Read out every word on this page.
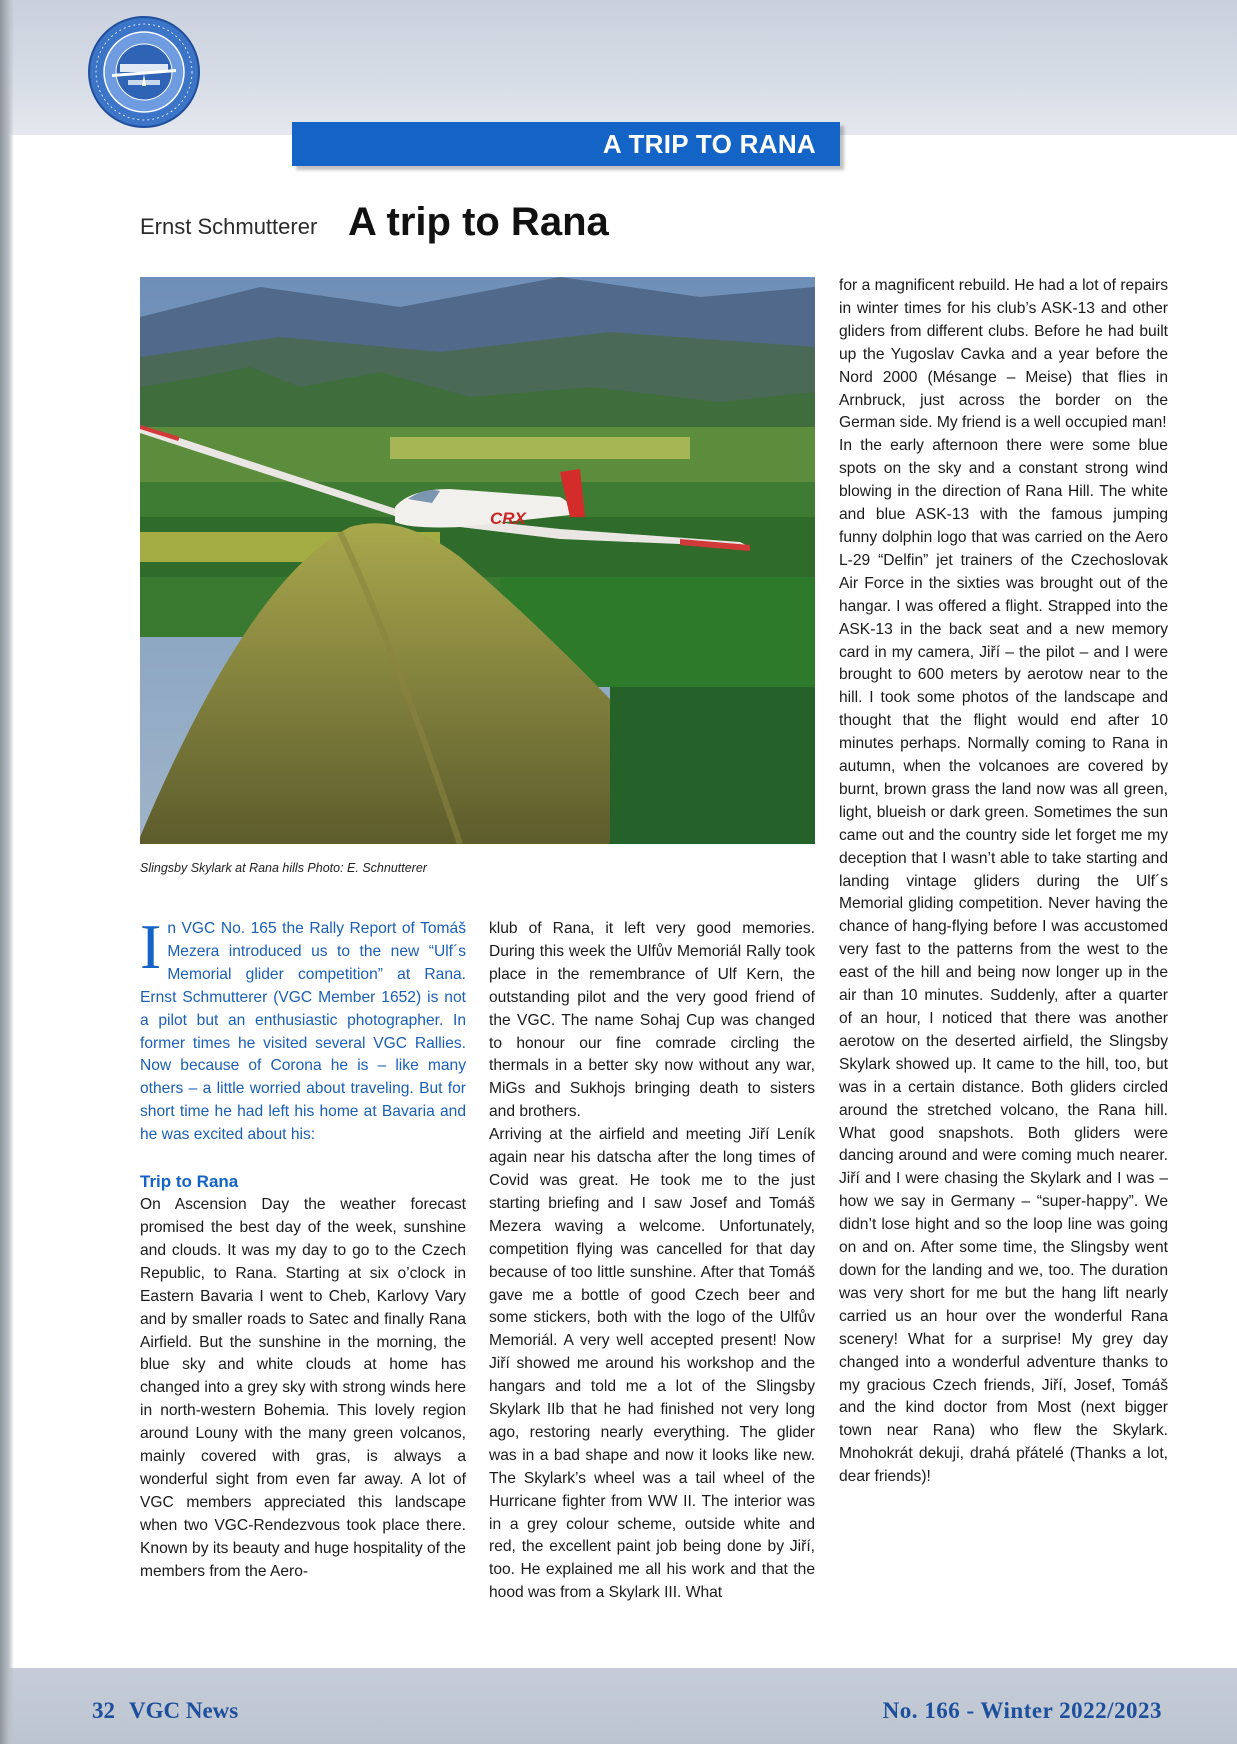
A TRIP TO RANA
Ernst Schmutterer A trip to Rana
CRX
Slingsby Skylark at Rana hills Photo: E. Schnutterer

In VGC No. 165 the Rally Report of Tomáš Mezera introduced us to the new “Ulf´s Memorial glider competition” at Rana. Ernst Schmutterer (VGC Member 1652) is not a pilot but an enthusiastic photographer. In former times he visited several VGC Rallies. Now because of Corona he is – like many others – a little worried about traveling. But for short time he had left his home at Bavaria and he was excited about his:

Trip to Rana

On Ascension Day the weather forecast promised the best day of the week, sunshine and clouds. It was my day to go to the Czech Republic, to Rana. Starting at six o’clock in Eastern Bavaria I went to Cheb, Karlovy Vary and by smaller roads to Satec and finally Rana Airfield. But the sunshine in the morning, the blue sky and white clouds at home has changed into a grey sky with strong winds here in north-western Bohemia. This lovely region around Louny with the many green volcanos, mainly covered with gras, is always a wonderful sight from even far away. A lot of VGC members appreciated this landscape when two VGC-Rendezvous took place there. Known by its beauty and huge hospitality of the members from the Aero-

klub of Rana, it left very good memories. During this week the Ulfův Memoriál Rally took place in the remembrance of Ulf Kern, the outstanding pilot and the very good friend of the VGC. The name Sohaj Cup was changed to honour our fine comrade circling the thermals in a better sky now without any war, MiGs and Sukhojs bringing death to sisters and brothers.

Arriving at the airfield and meeting Jiří Leník again near his datscha after the long times of Covid was great. He took me to the just starting briefing and I saw Josef and Tomáš Mezera waving a welcome. Unfortunately, competition flying was cancelled for that day because of too little sunshine. After that Tomáš gave me a bottle of good Czech beer and some stickers, both with the logo of the Ulfův Memoriál. A very well accepted present! Now Jiří showed me around his workshop and the hangars and told me a lot of the Slingsby Skylark IIb that he had finished not very long ago, restoring nearly everything. The glider was in a bad shape and now it looks like new. The Skylark’s wheel was a tail wheel of the Hurricane fighter from WW II. The interior was in a grey colour scheme, outside white and red, the excellent paint job being done by Jiří, too. He explained me all his work and that the hood was from a Skylark III. What

for a magnificent rebuild. He had a lot of repairs in winter times for his club’s ASK-13 and other gliders from different clubs. Before he had built up the Yugoslav Cavka and a year before the Nord 2000 (Mésange – Meise) that flies in Arnbruck, just across the border on the German side. My friend is a well occupied man!

In the early afternoon there were some blue spots on the sky and a constant strong wind blowing in the direction of Rana Hill. The white and blue ASK-13 with the famous jumping funny dolphin logo that was carried on the Aero L-29 “Delfin” jet trainers of the Czechoslovak Air Force in the sixties was brought out of the hangar. I was offered a flight. Strapped into the ASK-13 in the back seat and a new memory card in my camera, Jiří – the pilot – and I were brought to 600 meters by aerotow near to the hill. I took some photos of the landscape and thought that the flight would end after 10 minutes perhaps. Normally coming to Rana in autumn, when the volcanoes are covered by burnt, brown grass the land now was all green, light, blueish or dark green. Sometimes the sun came out and the country side let forget me my deception that I wasn’t able to take starting and landing vintage gliders during the Ulf´s Memorial gliding competition. Never having the chance of hang-flying before I was accustomed very fast to the patterns from the west to the east of the hill and being now longer up in the air than 10 minutes. Suddenly, after a quarter of an hour, I noticed that there was another aerotow on the deserted airfield, the Slingsby Skylark showed up. It came to the hill, too, but was in a certain distance. Both gliders circled around the stretched volcano, the Rana hill. What good snapshots. Both gliders were dancing around and were coming much nearer. Jiří and I were chasing the Skylark and I was – how we say in Germany – “super-happy”. We didn’t lose hight and so the loop line was going on and on. After some time, the Slingsby went down for the landing and we, too. The duration was very short for me but the hang lift nearly carried us an hour over the wonderful Rana scenery! What for a surprise! My grey day changed into a wonderful adventure thanks to my gracious Czech friends, Jiří, Josef, Tomáš and the kind doctor from Most (next bigger town near Rana) who flew the Skylark. Mnohokrát dekuji, drahá přátelé (Thanks a lot, dear friends)!

32 VGC News	No. 166 - Winter 2022/2023
